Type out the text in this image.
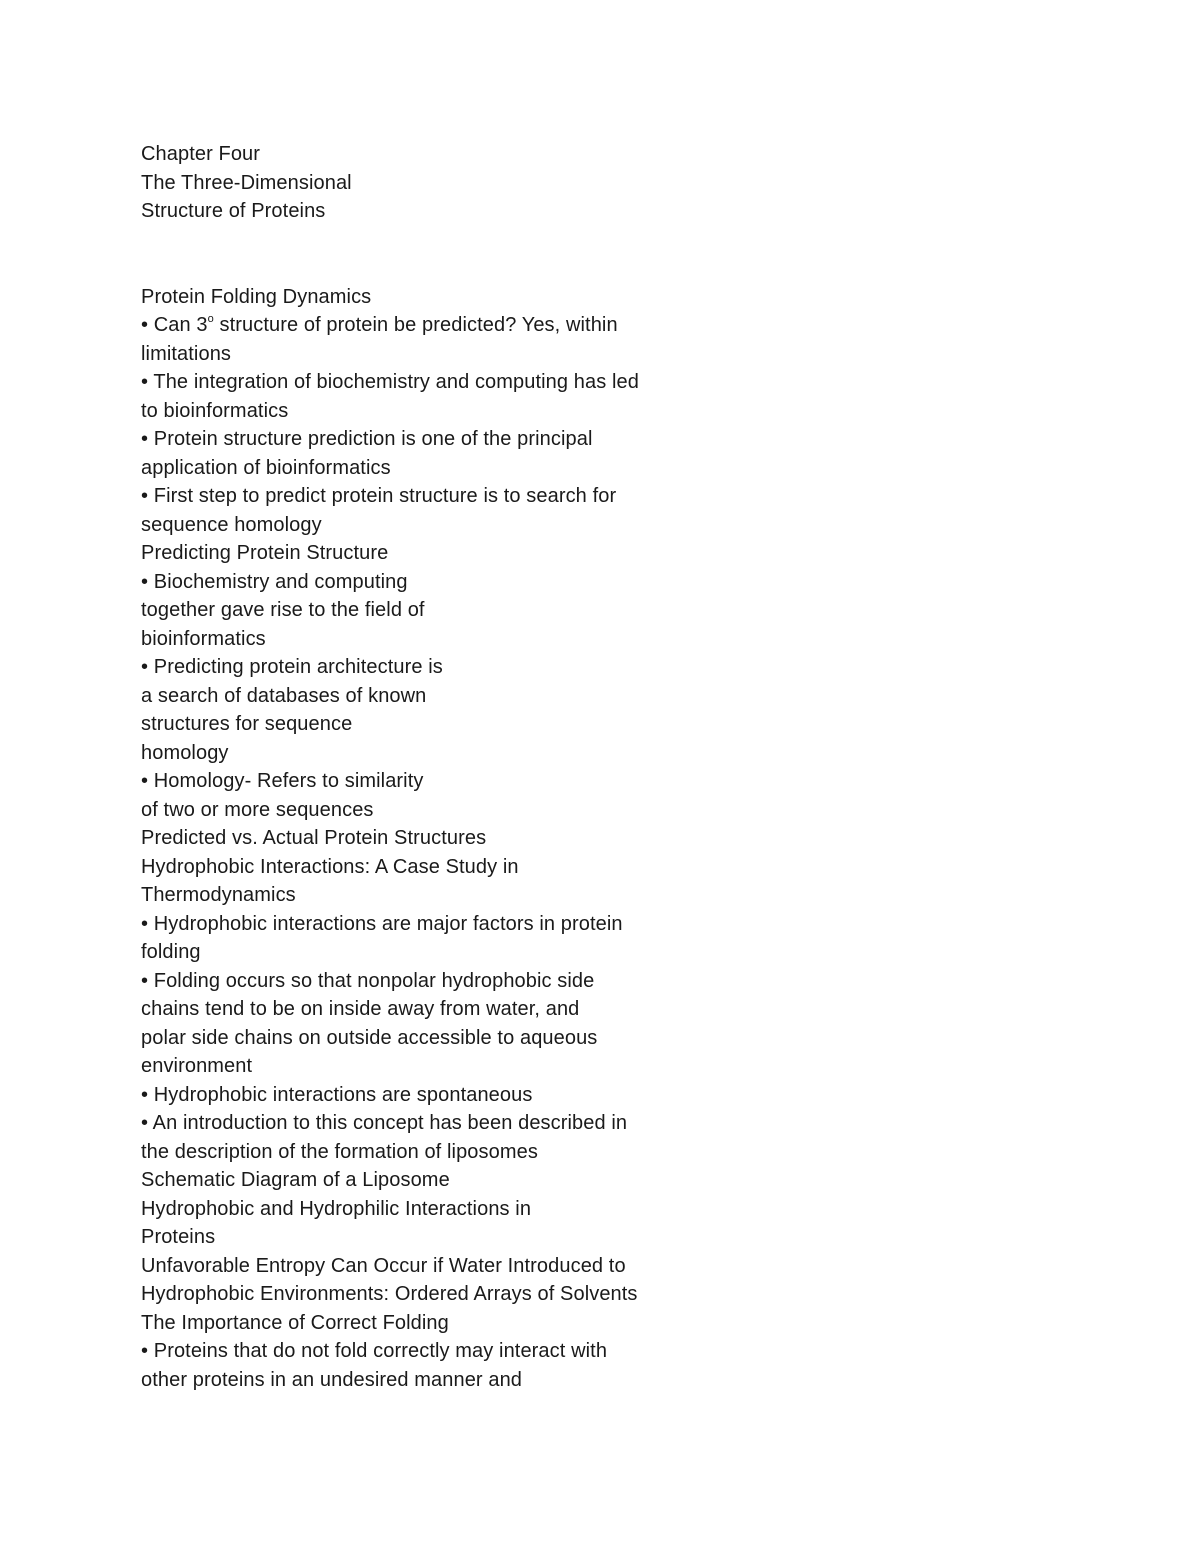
Chapter Four
The Three-Dimensional
Structure of Proteins
Protein Folding Dynamics
• Can 3$^o$ structure of protein be predicted? Yes, within
limitations
• The integration of biochemistry and computing has led
to bioinformatics
• Protein structure prediction is one of the principal
application of bioinformatics
• First step to predict protein structure is to search for
sequence homology
Predicting Protein Structure
• Biochemistry and computing
together gave rise to the field of
bioinformatics
• Predicting protein architecture is
a search of databases of known
structures for sequence
homology
• Homology- Refers to similarity
of two or more sequences
Predicted vs. Actual Protein Structures
Hydrophobic Interactions: A Case Study in
Thermodynamics
• Hydrophobic interactions are major factors in protein
folding
• Folding occurs so that nonpolar hydrophobic side
chains tend to be on inside away from water, and
polar side chains on outside accessible to aqueous
environment
• Hydrophobic interactions are spontaneous
• An introduction to this concept has been described in
the description of the formation of liposomes
Schematic Diagram of a Liposome
Hydrophobic and Hydrophilic Interactions in
Proteins
Unfavorable Entropy Can Occur if Water Introduced to
Hydrophobic Environments: Ordered Arrays of Solvents
The Importance of Correct Folding
• Proteins that do not fold correctly may interact with
other proteins in an undesired manner and
